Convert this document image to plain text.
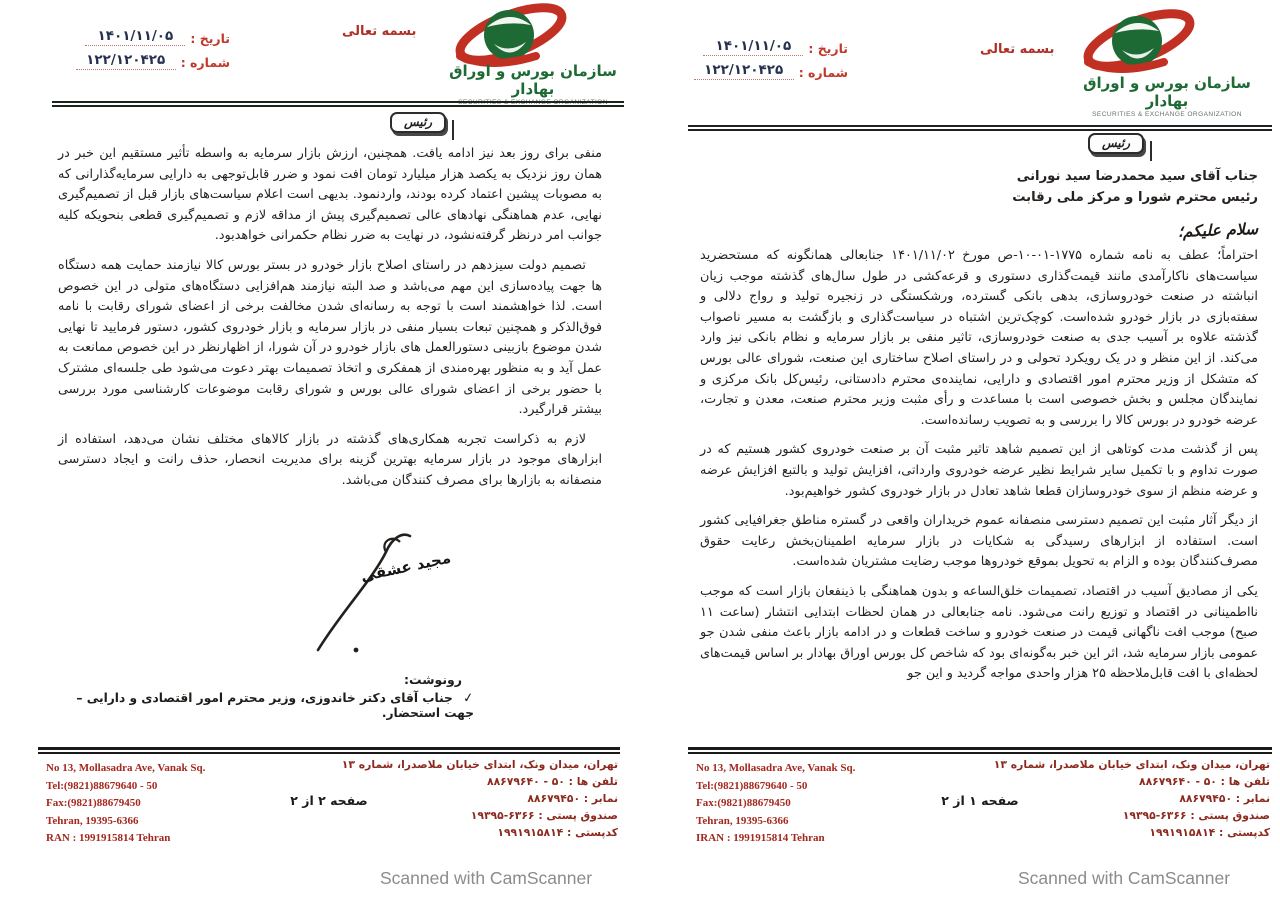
سازمان بورس و اوراق بهادار
SECURITIES & EXCHANGE ORGANIZATION
بسمه تعالی
تاریخ :
۱۴۰۱/۱۱/۰۵
شماره :
۱۲۲/۱۲۰۴۲۵
رئیس
جناب آقای سید محمدرضا سید نورانی
رئیس محترم شورا و مرکز ملی رقابت
سلام علیکم؛

احتراماً؛ عطف به نامه شماره ۱۷۷۵-۰۱-۱۰-ص مورخ ۱۴۰۱/۱۱/۰۲ جنابعالی همانگونه که مستحضرید سیاست‌های ناکارآمدی مانند قیمت‌گذاری دستوری و قرعه‌کشی در طول سال‌های گذشته موجب زیان انباشته در صنعت خودروسازی، بدهی بانکی گسترده، ورشکستگی در زنجیره تولید و رواج دلالی و سفته‌بازی در بازار خودرو شده‌است. کوچک‌ترین اشتباه در سیاست‌گذاری و بازگشت به مسیر ناصواب گذشته علاوه بر آسیب جدی به صنعت خودروسازی، تاثیر منفی بر بازار سرمایه و نظام بانکی نیز وارد می‌کند. از این منظر و در یک رویکرد تحولی و در راستای اصلاح ساختاری این صنعت، شورای عالی بورس که متشکل از وزیر محترم امور اقتصادی و دارایی، نماینده‌ی محترم دادستانی، رئیس‌کل بانک مرکزی و نمایندگان مجلس و بخش خصوصی است با مساعدت و رأی مثبت وزیر محترم صنعت، معدن و تجارت، عرضه خودرو در بورس کالا را بررسی و به تصویب رسانده‌است.

پس از گذشت مدت کوتاهی از این تصمیم شاهد تاثیر مثبت آن بر صنعت خودروی کشور هستیم که در صورت تداوم و با تکمیل سایر شرایط نظیر عرضه خودروی وارداتی، افزایش تولید و بالتبع افزایش عرضه و عرضه منظم از سوی خودروسازان قطعا شاهد تعادل در بازار خودروی کشور خواهیم‌بود.

از دیگر آثار مثبت این تصمیم دسترسی منصفانه عموم خریداران واقعی در گستره مناطق جغرافیایی کشور است. استفاده از ابزارهای رسیدگی به شکایات در بازار سرمایه اطمینان‌بخش رعایت حقوق مصرف‌کنندگان بوده و الزام به تحویل بموقع خودروها موجب رضایت مشتریان شده‌است.

یکی از مصادیق آسیب در اقتصاد، تصمیمات خلق‌الساعه و بدون هماهنگی با ذینفعان بازار است که موجب نااطمینانی در اقتصاد و توزیع رانت می‌شود. نامه جنابعالی در همان لحظات ابتدایی انتشار (ساعت ۱۱ صبح) موجب افت ناگهانی قیمت در صنعت خودرو و ساخت قطعات و در ادامه بازار باعث منفی شدن جو عمومی بازار سرمایه شد، اثر این خبر به‌گونه‌ای بود که شاخص کل بورس اوراق بهادار بر اساس قیمت‌های لحظه‌ای با افت قابل‌ملاحظه ۲۵ هزار واحدی مواجه گردید و این جو

No 13, Mollasadra Ave, Vanak Sq.
Tel:(9821)88679640 - 50
Fax:(9821)88679450
Tehran, 19395-6366
IRAN : 1991915814 Tehran
تهران، میدان ونک، ابتدای خیابان ملاصدرا، شماره ۱۳
تلفن ها : ۵۰ - ۸۸۶۷۹۶۴۰
نمابر : ۸۸۶۷۹۴۵۰
صندوق پستی : ۶۳۶۶-۱۹۳۹۵
کدپستی : ۱۹۹۱۹۱۵۸۱۴
صفحه ۱ از ۲
Scanned with CamScanner
سازمان بورس و اوراق بهادار
SECURITIES & EXCHANGE ORGANIZATION
بسمه تعالی
تاریخ :
۱۴۰۱/۱۱/۰۵
شماره :
۱۲۲/۱۲۰۴۲۵
رئیس

منفی برای روز بعد نیز ادامه یافت. همچنین، ارزش بازار سرمایه به واسطه تأثیر مستقیم این خبر در همان روز نزدیک به یکصد هزار میلیارد تومان افت نمود و ضرر قابل‌توجهی به دارایی سرمایه‌گذارانی که به مصوبات پیشین اعتماد کرده بودند، واردنمود. بدیهی است اعلام سیاست‌های بازار قبل از تصمیم‌گیری نهایی، عدم هماهنگی نهادهای عالی تصمیم‌گیری پیش از مداقه لازم و تصمیم‌گیری قطعی بنحویکه کلیه جوانب امر درنظر گرفته‌نشود، در نهایت به ضرر نظام حکمرانی خواهدبود.

تصمیم دولت سیزدهم در راستای اصلاح بازار خودرو در بستر بورس کالا نیازمند حمایت همه دستگاه ها جهت پیاده‌سازی این مهم می‌باشد و صد البته نیازمند هم‌افزایی دستگاه‌های متولی در این خصوص است. لذا خواهشمند است با توجه به رسانه‌ای شدن مخالفت برخی از اعضای شورای رقابت با نامه فوق‌الذکر و همچنین تبعات بسیار منفی در بازار سرمایه و بازار خودروی کشور، دستور فرمایید تا نهایی شدن موضوع بازبینی دستورالعمل های بازار خودرو در آن شورا، از اظهارنظر در این خصوص ممانعت به عمل آید و به منظور بهره‌مندی از همفکری و اتخاذ تصمیمات بهتر دعوت می‌شود طی جلسه‌ای مشترک با حضور برخی از اعضای شورای عالی بورس و شورای رقابت موضوعات کارشناسی مورد بررسی بیشتر قرارگیرد.

لازم به ذکراست تجربه همکاری‌های گذشته در بازار کالاهای مختلف نشان می‌دهد، استفاده از ابزارهای موجود در بازار سرمایه بهترین گزینه برای مدیریت انحصار، حذف رانت و ایجاد دسترسی منصفانه به بازارها برای مصرف کنندگان می‌باشد.

مجید عشقی
رونوشت:
✓ جناب آقای دکتر خاندوزی، وزیر محترم امور اقتصادی و دارایی – جهت استحضار.
No 13, Mollasadra Ave, Vanak Sq.
Tel:(9821)88679640 - 50
Fax:(9821)88679450
Tehran, 19395-6366
RAN : 1991915814 Tehran
تهران، میدان ونک، ابتدای خیابان ملاصدرا، شماره ۱۳
تلفن ها : ۵۰ - ۸۸۶۷۹۶۴۰
نمابر : ۸۸۶۷۹۴۵۰
صندوق پستی : ۶۳۶۶-۱۹۳۹۵
کدپستی : ۱۹۹۱۹۱۵۸۱۴
صفحه ۲ از ۲
Scanned with CamScanner
